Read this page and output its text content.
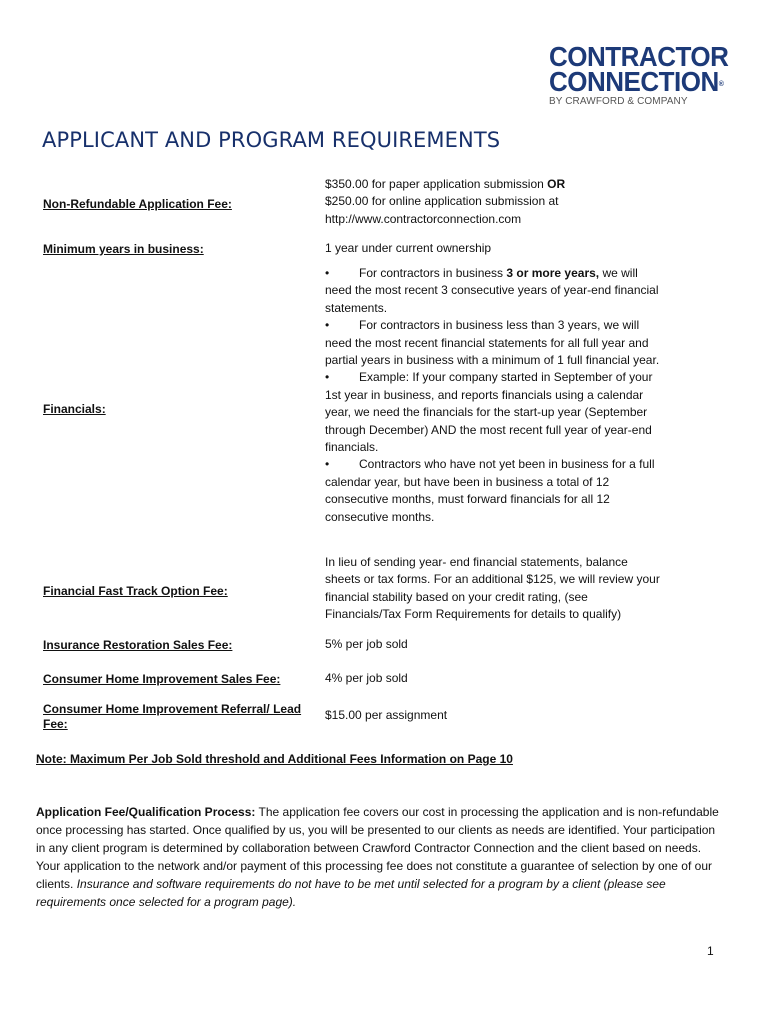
CONTRACTOR
CONNECTION®
BY CRAWFORD & COMPANY
APPLICANT AND PROGRAM REQUIREMENTS
Non-Refundable Application Fee:
$350.00 for paper application submission OR
$250.00 for online application submission at
http://www.contractorconnection.com
Minimum years in business:	1 year under current ownership
Financials:

• For contractors in business 3 or more years, we will need the most recent 3 consecutive years of year-end financial statements.

• For contractors in business less than 3 years, we will need the most recent financial statements for all full year and partial years in business with a minimum of 1 full financial year.

• Example: If your company started in September of your 1st year in business, and reports financials using a calendar year, we need the financials for the start-up year (September through December) AND the most recent full year of year-end financials.

• Contractors who have not yet been in business for a full calendar year, but have been in business a total of 12 consecutive months, must forward financials for all 12 consecutive months.

Financial Fast Track Option Fee:
In lieu of sending year- end financial statements, balance sheets or tax forms. For an additional $125, we will review your financial stability based on your credit rating, (see Financials/Tax Form Requirements for details to qualify)
Insurance Restoration Sales Fee:	5% per job sold
Consumer Home Improvement Sales Fee:	4% per job sold
Consumer Home Improvement Referral/ Lead Fee:
$15.00 per assignment

Note: Maximum Per Job Sold threshold and Additional Fees Information on Page 10

Application Fee/Qualification Process: The application fee covers our cost in processing the application and is non-refundable once processing has started. Once qualified by us, you will be presented to our clients as needs are identified. Your participation in any client program is determined by collaboration between Crawford Contractor Connection and the client based on needs. Your application to the network and/or payment of this processing fee does not constitute a guarantee of selection by one of our clients. Insurance and software requirements do not have to be met until selected for a program by a client (please see requirements once selected for a program page).

1
